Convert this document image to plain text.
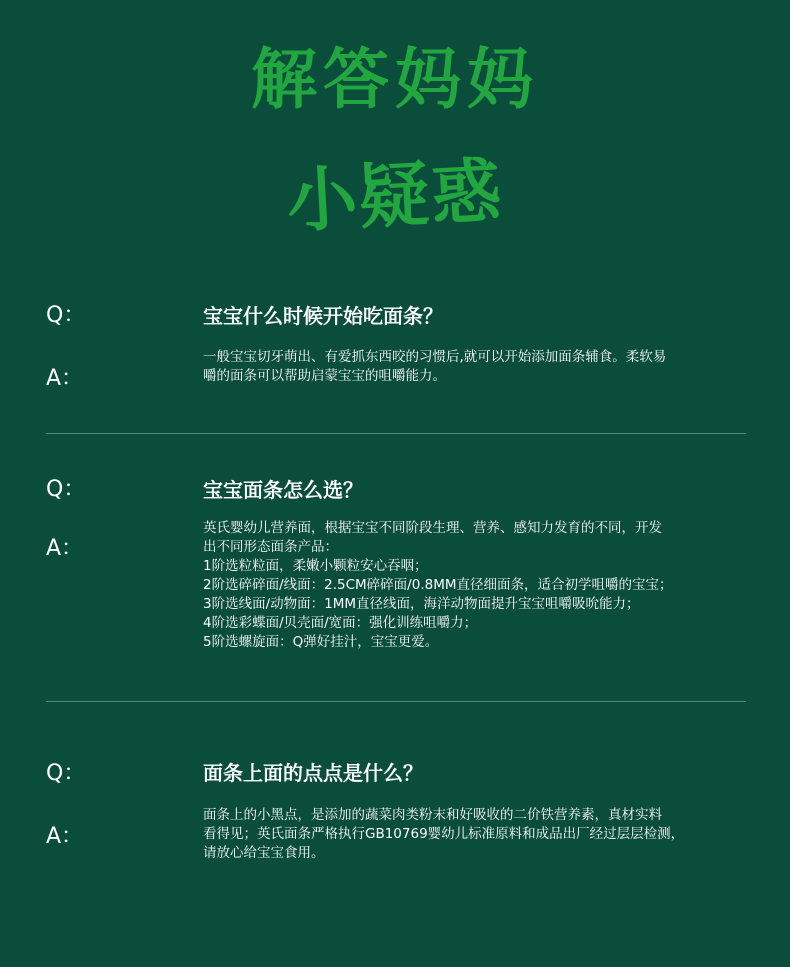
解答妈妈
小疑惑
Q：	宝宝什么时候开始吃面条？
A：
一般宝宝切牙萌出、有爱抓东西咬的习惯后,就可以开始添加面条辅食。柔软易
嚼的面条可以帮助启蒙宝宝的咀嚼能力。
Q：	宝宝面条怎么选？
A：
英氏婴幼儿营养面，根据宝宝不同阶段生理、营养、感知力发育的不同，开发
出不同形态面条产品：
1阶选粒粒面，柔嫩小颗粒安心吞咽；
2阶选碎碎面/线面：2.5CM碎碎面/0.8MM直径细面条，适合初学咀嚼的宝宝；
3阶选线面/动物面：1MM直径线面，海洋动物面提升宝宝咀嚼吸吮能力；
4阶选彩蝶面/贝壳面/宽面：强化训练咀嚼力；
5阶选螺旋面：Q弹好挂汁，宝宝更爱。
Q：	面条上面的点点是什么？
A：
面条上的小黑点，是添加的蔬菜肉类粉末和好吸收的二价铁营养素，真材实料
看得见；英氏面条严格执行GB10769婴幼儿标准原料和成品出厂经过层层检测，
请放心给宝宝食用。
